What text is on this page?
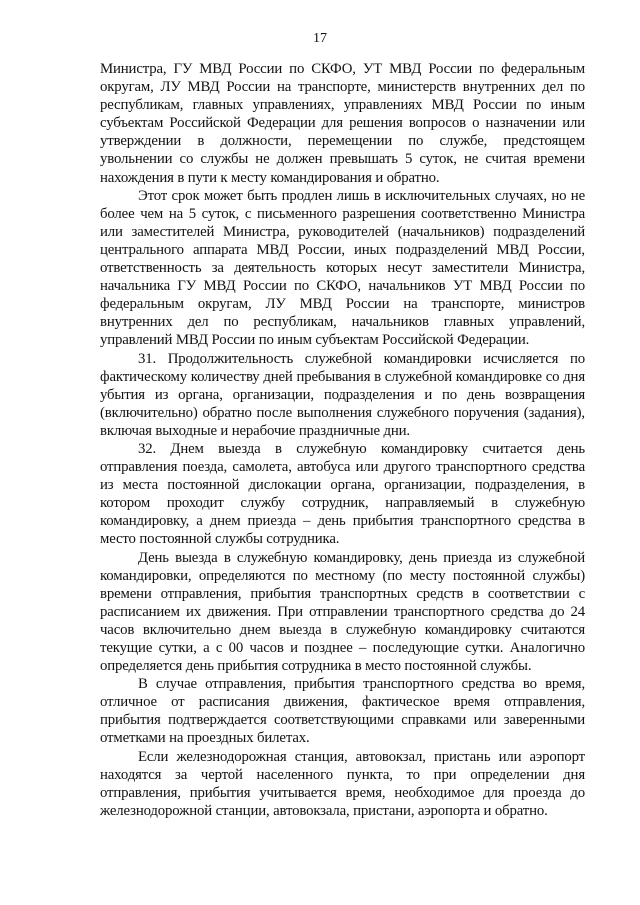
17

Министра, ГУ МВД России по СКФО, УТ МВД России по федеральным округам, ЛУ МВД России на транспорте, министерств внутренних дел по республикам, главных управлениях, управлениях МВД России по иным субъектам Российской Федерации для решения вопросов о назначении или утверждении в должности, перемещении по службе, предстоящем увольнении со службы не должен превышать 5 суток, не считая времени нахождения в пути к месту командирования и обратно.

Этот срок может быть продлен лишь в исключительных случаях, но не более чем на 5 суток, с письменного разрешения соответственно Министра или заместителей Министра, руководителей (начальников) подразделений центрального аппарата МВД России, иных подразделений МВД России, ответственность за деятельность которых несут заместители Министра, начальника ГУ МВД России по СКФО, начальников УТ МВД России по федеральным округам, ЛУ МВД России на транспорте, министров внутренних дел по республикам, начальников главных управлений, управлений МВД России по иным субъектам Российской Федерации.

31. Продолжительность служебной командировки исчисляется по фактическому количеству дней пребывания в служебной командировке со дня убытия из органа, организации, подразделения и по день возвращения (включительно) обратно после выполнения служебного поручения (задания), включая выходные и нерабочие праздничные дни.

32. Днем выезда в служебную командировку считается день отправления поезда, самолета, автобуса или другого транспортного средства из места постоянной дислокации органа, организации, подразделения, в котором проходит службу сотрудник, направляемый в служебную командировку, а днем приезда – день прибытия транспортного средства в место постоянной службы сотрудника.

День выезда в служебную командировку, день приезда из служебной командировки, определяются по местному (по месту постоянной службы) времени отправления, прибытия транспортных средств в соответствии с расписанием их движения. При отправлении транспортного средства до 24 часов включительно днем выезда в служебную командировку считаются текущие сутки, а с 00 часов и позднее – последующие сутки. Аналогично определяется день прибытия сотрудника в место постоянной службы.

В случае отправления, прибытия транспортного средства во время, отличное от расписания движения, фактическое время отправления, прибытия подтверждается соответствующими справками или заверенными отметками на проездных билетах.

Если железнодорожная станция, автовокзал, пристань или аэропорт находятся за чертой населенного пункта, то при определении дня отправления, прибытия учитывается время, необходимое для проезда до железнодорожной станции, автовокзала, пристани, аэропорта и обратно.
